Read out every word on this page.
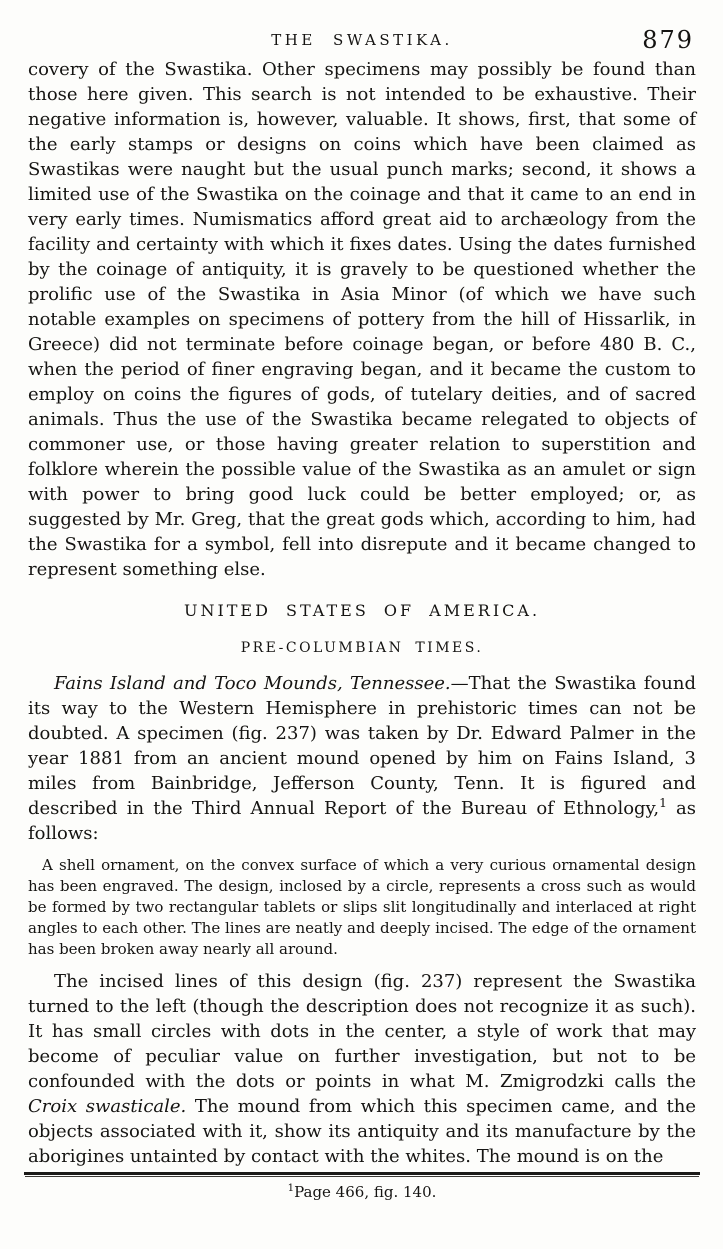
THE SWASTIKA.	879

covery of the Swastika. Other specimens may possibly be found than those here given. This search is not intended to be exhaustive. Their negative information is, however, valuable. It shows, first, that some of the early stamps or designs on coins which have been claimed as Swastikas were naught but the usual punch marks; second, it shows a limited use of the Swastika on the coinage and that it came to an end in very early times. Numismatics afford great aid to archæology from the facility and certainty with which it fixes dates. Using the dates furnished by the coinage of antiquity, it is gravely to be questioned whether the prolific use of the Swastika in Asia Minor (of which we have such notable examples on specimens of pottery from the hill of Hissarlik, in Greece) did not terminate before coinage began, or before 480 B. C., when the period of finer engraving began, and it became the custom to employ on coins the figures of gods, of tutelary deities, and of sacred animals. Thus the use of the Swastika became relegated to objects of commoner use, or those having greater relation to superstition and folklore wherein the possible value of the Swastika as an amulet or sign with power to bring good luck could be better employed; or, as suggested by Mr. Greg, that the great gods which, according to him, had the Swastika for a symbol, fell into disrepute and it became changed to represent something else.

UNITED STATES OF AMERICA.

PRE-COLUMBIAN TIMES.

Fains Island and Toco Mounds, Tennessee.—That the Swastika found its way to the Western Hemisphere in prehistoric times can not be doubted. A specimen (fig. 237) was taken by Dr. Edward Palmer in the year 1881 from an ancient mound opened by him on Fains Island, 3 miles from Bainbridge, Jefferson County, Tenn. It is figured and described in the Third Annual Report of the Bureau of Ethnology,$^1$ as follows:

A shell ornament, on the convex surface of which a very curious ornamental design has been engraved. The design, inclosed by a circle, represents a cross such as would be formed by two rectangular tablets or slips slit longitudinally and interlaced at right angles to each other. The lines are neatly and deeply incised. The edge of the ornament has been broken away nearly all around.

The incised lines of this design (fig. 237) represent the Swastika turned to the left (though the description does not recognize it as such). It has small circles with dots in the center, a style of work that may become of peculiar value on further investigation, but not to be confounded with the dots or points in what M. Zmigrodzki calls the Croix swasticale. The mound from which this specimen came, and the objects associated with it, show its antiquity and its manufacture by the aborigines untainted by contact with the whites. The mound is on the

$^1$Page 466, fig. 140.
